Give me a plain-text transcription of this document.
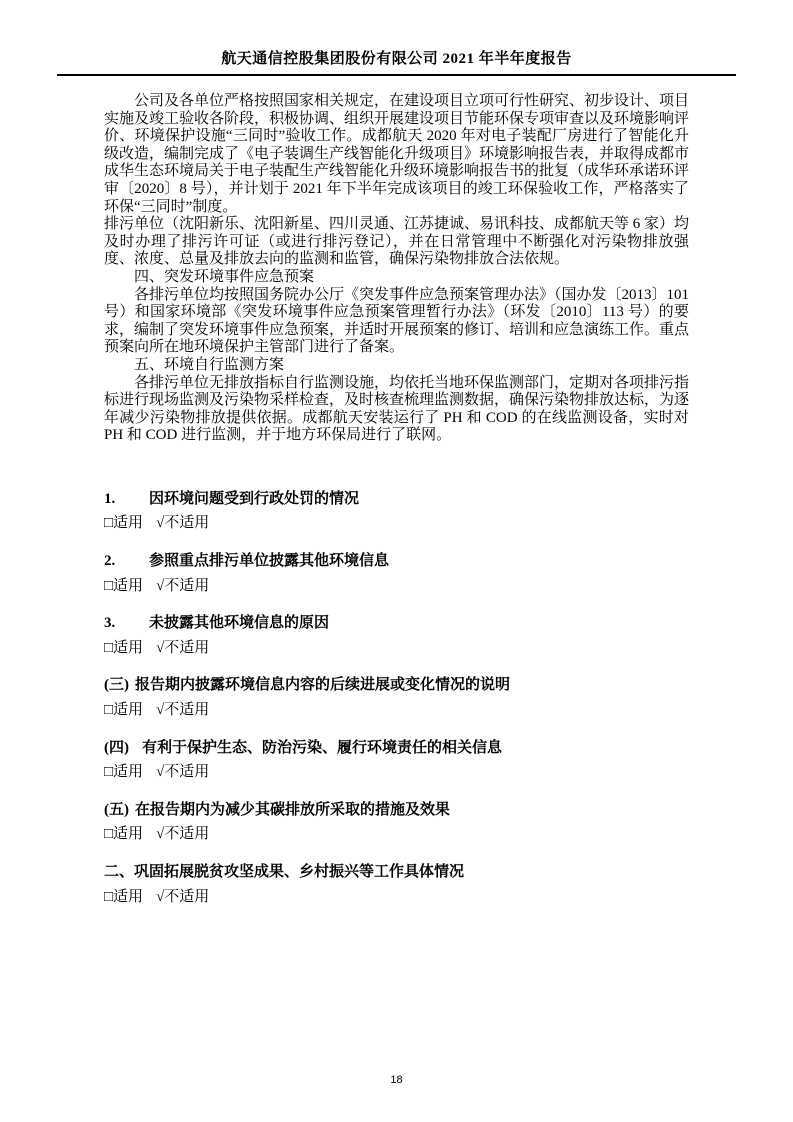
航天通信控股集团股份有限公司 2021 年半年度报告

公司及各单位严格按照国家相关规定，在建设项目立项可行性研究、初步设计、项目实施及竣工验收各阶段，积极协调、组织开展建设项目节能环保专项审查以及环境影响评价、环境保护设施“三同时”验收工作。成都航天 2020 年对电子装配厂房进行了智能化升级改造，编制完成了《电子装调生产线智能化升级项目》环境影响报告表，并取得成都市成华生态环境局关于电子装配生产线智能化升级环境影响报告书的批复（成华环承诺环评审〔2020〕8 号），并计划于 2021 年下半年完成该项目的竣工环保验收工作，严格落实了环保“三同时”制度。

排污单位（沈阳新乐、沈阳新星、四川灵通、江苏捷诚、易讯科技、成都航天等 6 家）均及时办理了排污许可证（或进行排污登记），并在日常管理中不断强化对污染物排放强度、浓度、总量及排放去向的监测和监管，确保污染物排放合法依规。

四、突发环境事件应急预案

各排污单位均按照国务院办公厅《突发事件应急预案管理办法》（国办发〔2013〕101 号）和国家环境部《突发环境事件应急预案管理暂行办法》（环发〔2010〕113 号）的要求，编制了突发环境事件应急预案，并适时开展预案的修订、培训和应急演练工作。重点预案向所在地环境保护主管部门进行了备案。

五、环境自行监测方案

各排污单位无排放指标自行监测设施，均依托当地环保监测部门，定期对各项排污指标进行现场监测及污染物采样检查，及时核查梳理监测数据，确保污染物排放达标，为逐年减少污染物排放提供依据。成都航天安装运行了 PH 和 COD 的在线监测设备，实时对 PH 和 COD 进行监测，并于地方环保局进行了联网。

1. 因环境问题受到行政处罚的情况

□适用 √不适用

2. 参照重点排污单位披露其他环境信息

□适用 √不适用

3. 未披露其他环境信息的原因

□适用 √不适用

(三) 报告期内披露环境信息内容的后续进展或变化情况的说明

□适用 √不适用

(四) 有利于保护生态、防治污染、履行环境责任的相关信息

□适用 √不适用

(五) 在报告期内为减少其碳排放所采取的措施及效果

□适用 √不适用

二、巩固拓展脱贫攻坚成果、乡村振兴等工作具体情况

□适用 √不适用

18
